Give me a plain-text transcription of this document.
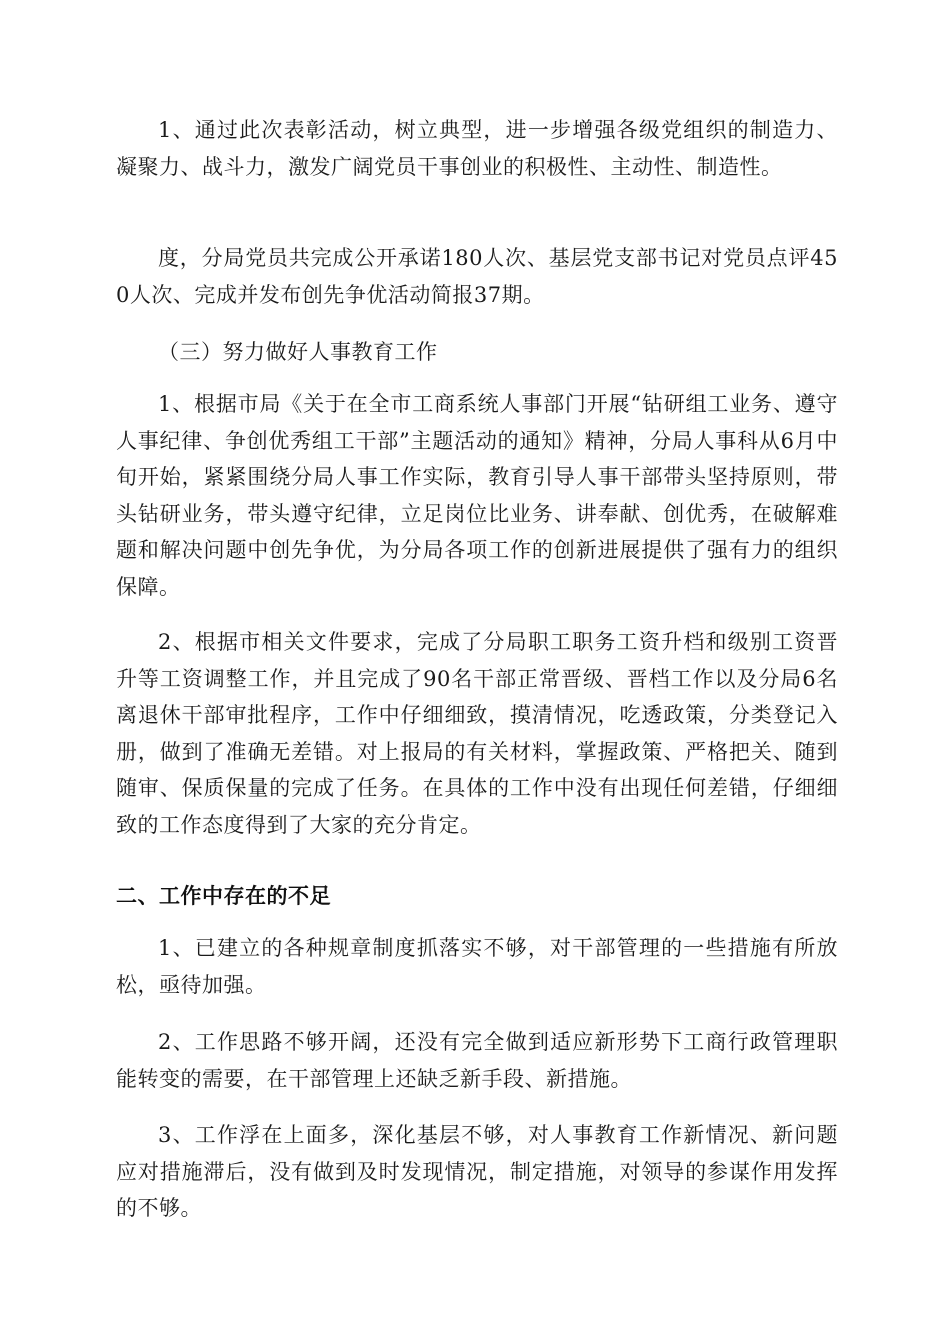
1、通过此次表彰活动，树立典型，进一步增强各级党组织的制造力、凝聚力、战斗力，激发广阔党员干事创业的积极性、主动性、制造性。

度，分局党员共完成公开承诺180人次、基层党支部书记对党员点评450人次、完成并发布创先争优活动简报37期。

（三）努力做好人事教育工作

1、根据市局《关于在全市工商系统人事部门开展“钻研组工业务、遵守人事纪律、争创优秀组工干部”主题活动的通知》精神，分局人事科从6月中旬开始，紧紧围绕分局人事工作实际，教育引导人事干部带头坚持原则，带头钻研业务，带头遵守纪律，立足岗位比业务、讲奉献、创优秀，在破解难题和解决问题中创先争优，为分局各项工作的创新进展提供了强有力的组织保障。

2、根据市相关文件要求，完成了分局职工职务工资升档和级别工资晋升等工资调整工作，并且完成了90名干部正常晋级、晋档工作以及分局6名离退休干部审批程序，工作中仔细细致，摸清情况，吃透政策，分类登记入册，做到了准确无差错。对上报局的有关材料，掌握政策、严格把关、随到随审、保质保量的完成了任务。在具体的工作中没有出现任何差错，仔细细致的工作态度得到了大家的充分肯定。

二、工作中存在的不足

1、已建立的各种规章制度抓落实不够，对干部管理的一些措施有所放松，亟待加强。

2、工作思路不够开阔，还没有完全做到适应新形势下工商行政管理职能转变的需要，在干部管理上还缺乏新手段、新措施。

3、工作浮在上面多，深化基层不够，对人事教育工作新情况、新问题应对措施滞后，没有做到及时发现情况，制定措施，对领导的参谋作用发挥的不够。
